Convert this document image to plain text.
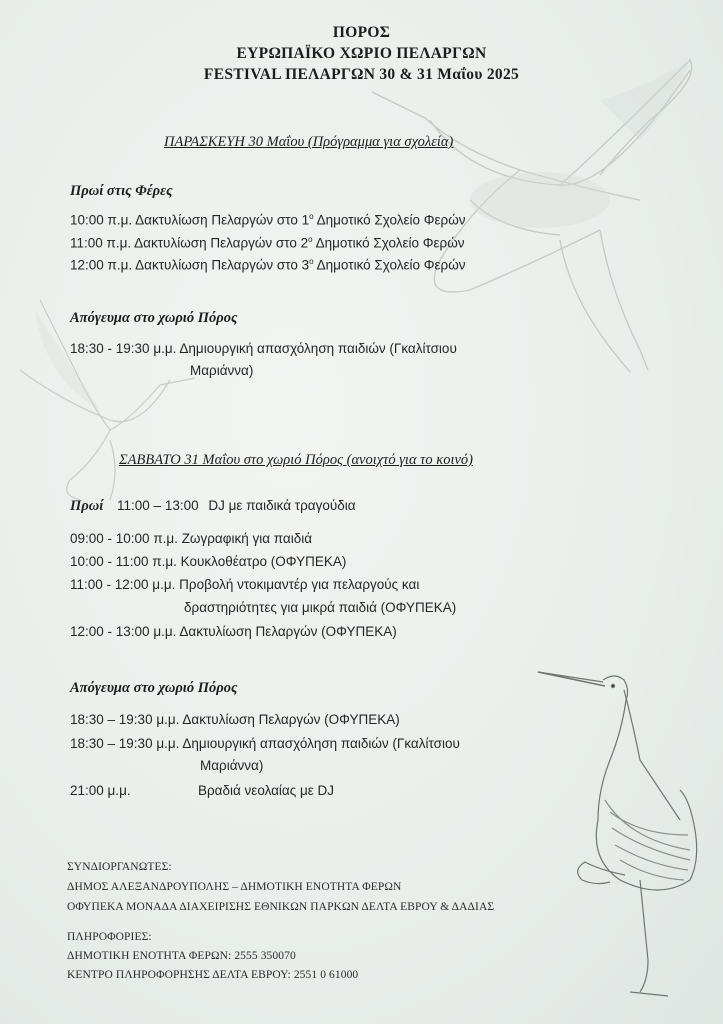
ΠΟΡΟΣ
ΕΥΡΩΠΑΪΚΟ ΧΩΡΙΟ ΠΕΛΑΡΓΩΝ
FESTIVAL ΠΕΛΑΡΓΩΝ 30 & 31 Μαΐου 2025
ΠΑΡΑΣΚΕΥΗ 30 Μαΐου (Πρόγραμμα για σχολεία)
Πρωί στις Φέρες
10:00 π.μ. Δακτυλίωση Πελαργών στο $1^o$ Δημοτικό Σχολείο Φερών
11:00 π.μ. Δακτυλίωση Πελαργών στο $2^o$ Δημοτικό Σχολείο Φερών
12:00 π.μ. Δακτυλίωση Πελαργών στο $3^o$ Δημοτικό Σχολείο Φερών
Απόγευμα στο χωριό Πόρος
18:30 - 19:30 μ.μ. Δημιουργική απασχόληση παιδιών (Γκαλίτσιου
Μαριάννα)
ΣΑΒΒΑΤΟ 31 Μαΐου στο χωριό Πόρος (ανοιχτό για το κοινό)
Πρωί 11:00 – 13:00 DJ με παιδικά τραγούδια
09:00 - 10:00 π.μ. Ζωγραφική για παιδιά
10:00 - 11:00 π.μ. Κουκλοθέατρο (ΟΦΥΠΕΚΑ)
11:00 - 12:00 μ.μ. Προβολή ντοκιμαντέρ για πελαργούς και
δραστηριότητες για μικρά παιδιά (ΟΦΥΠΕΚΑ)
12:00 - 13:00 μ.μ. Δακτυλίωση Πελαργών (ΟΦΥΠΕΚΑ)
Απόγευμα στο χωριό Πόρος
18:30 – 19:30 μ.μ. Δακτυλίωση Πελαργών (ΟΦΥΠΕΚΑ)
18:30 – 19:30 μ.μ. Δημιουργική απασχόληση παιδιών (Γκαλίτσιου
Μαριάννα)
21:00 μ.μ.	Βραδιά νεολαίας με DJ
ΣΥΝΔΙΟΡΓΑΝΩΤΕΣ:
ΔΗΜΟΣ ΑΛΕΞΑΝΔΡΟΥΠΟΛΗΣ – ΔΗΜΟΤΙΚΗ ΕΝΟΤΗΤΑ ΦΕΡΩΝ
ΟΦΥΠΕΚΑ ΜΟΝΑΔΑ ΔΙΑΧΕΙΡΙΣΗΣ ΕΘΝΙΚΩΝ ΠΑΡΚΩΝ ΔΕΛΤΑ ΕΒΡΟΥ & ΔΑΔΙΑΣ
ΠΛΗΡΟΦΟΡΙΕΣ:
ΔΗΜΟΤΙΚΗ ΕΝΟΤΗΤΑ ΦΕΡΩΝ: 2555 350070
ΚΕΝΤΡΟ ΠΛΗΡΟΦΟΡΗΣΗΣ ΔΕΛΤΑ ΕΒΡΟΥ: 2551 0 61000
